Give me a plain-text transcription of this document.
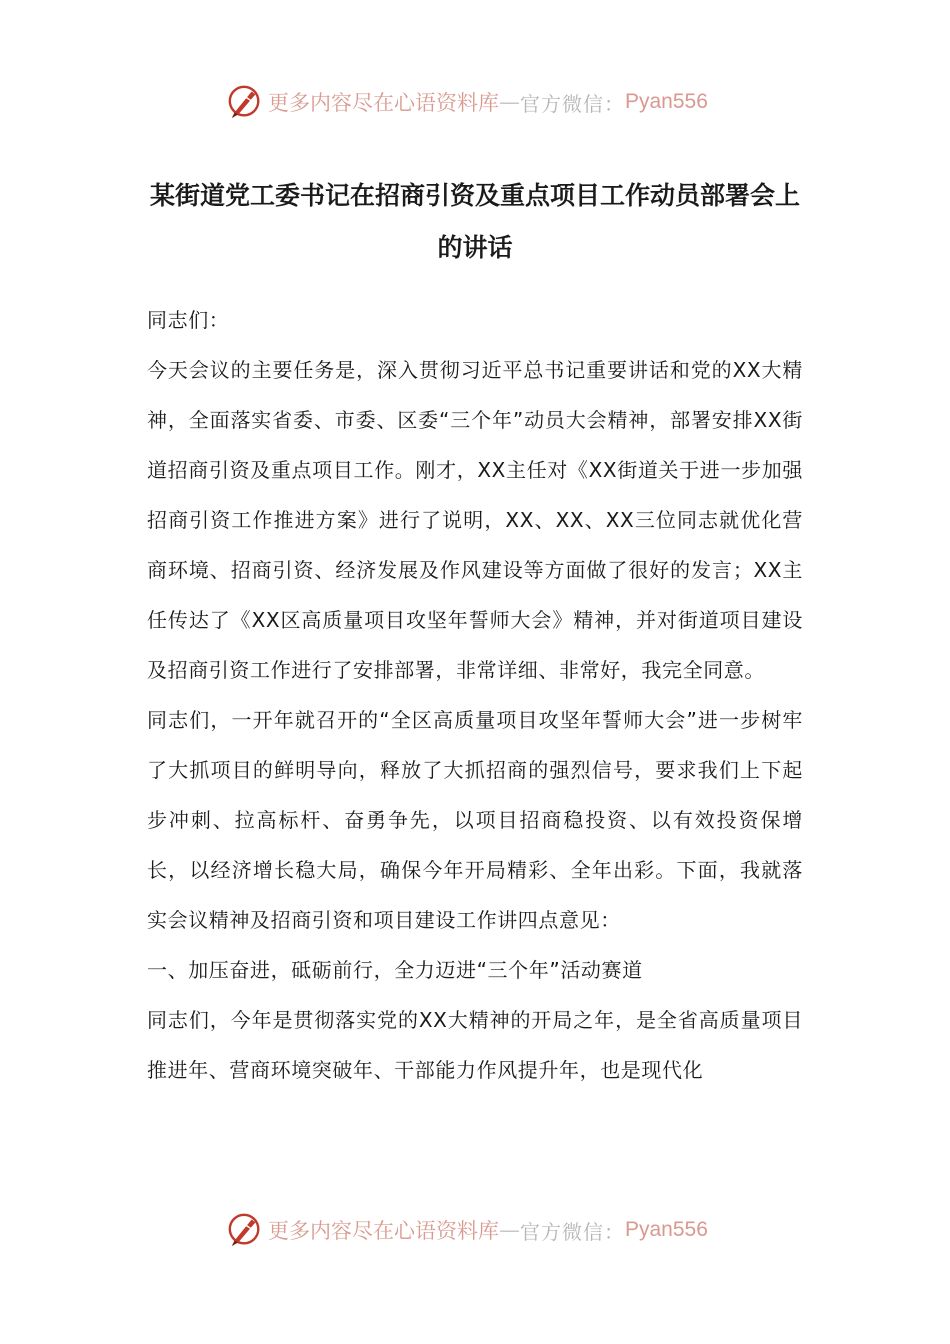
更多内容尽在心语资料库 — 官方微信： Pyan556
某街道党工委书记在招商引资及重点项目工作动员部署会上的讲话

同志们：

今天会议的主要任务是，深入贯彻习近平总书记重要讲话和党的XX大精神，全面落实省委、市委、区委“三个年”动员大会精神，部署安排XX街道招商引资及重点项目工作。刚才，XX主任对《XX街道关于进一步加强招商引资工作推进方案》进行了说明，XX、XX、XX三位同志就优化营商环境、招商引资、经济发展及作风建设等方面做了很好的发言；XX主任传达了《XX区高质量项目攻坚年誓师大会》精神，并对街道项目建设及招商引资工作进行了安排部署，非常详细、非常好，我完全同意。

同志们，一开年就召开的“全区高质量项目攻坚年誓师大会”进一步树牢了大抓项目的鲜明导向，释放了大抓招商的强烈信号，要求我们上下起步冲刺、拉高标杆、奋勇争先，以项目招商稳投资、以有效投资保增长，以经济增长稳大局，确保今年开局精彩、全年出彩。下面，我就落实会议精神及招商引资和项目建设工作讲四点意见：

一、加压奋进，砥砺前行，全力迈进“三个年”活动赛道

同志们，今年是贯彻落实党的XX大精神的开局之年，是全省高质量项目推进年、营商环境突破年、干部能力作风提升年，也是现代化

更多内容尽在心语资料库 — 官方微信： Pyan556
